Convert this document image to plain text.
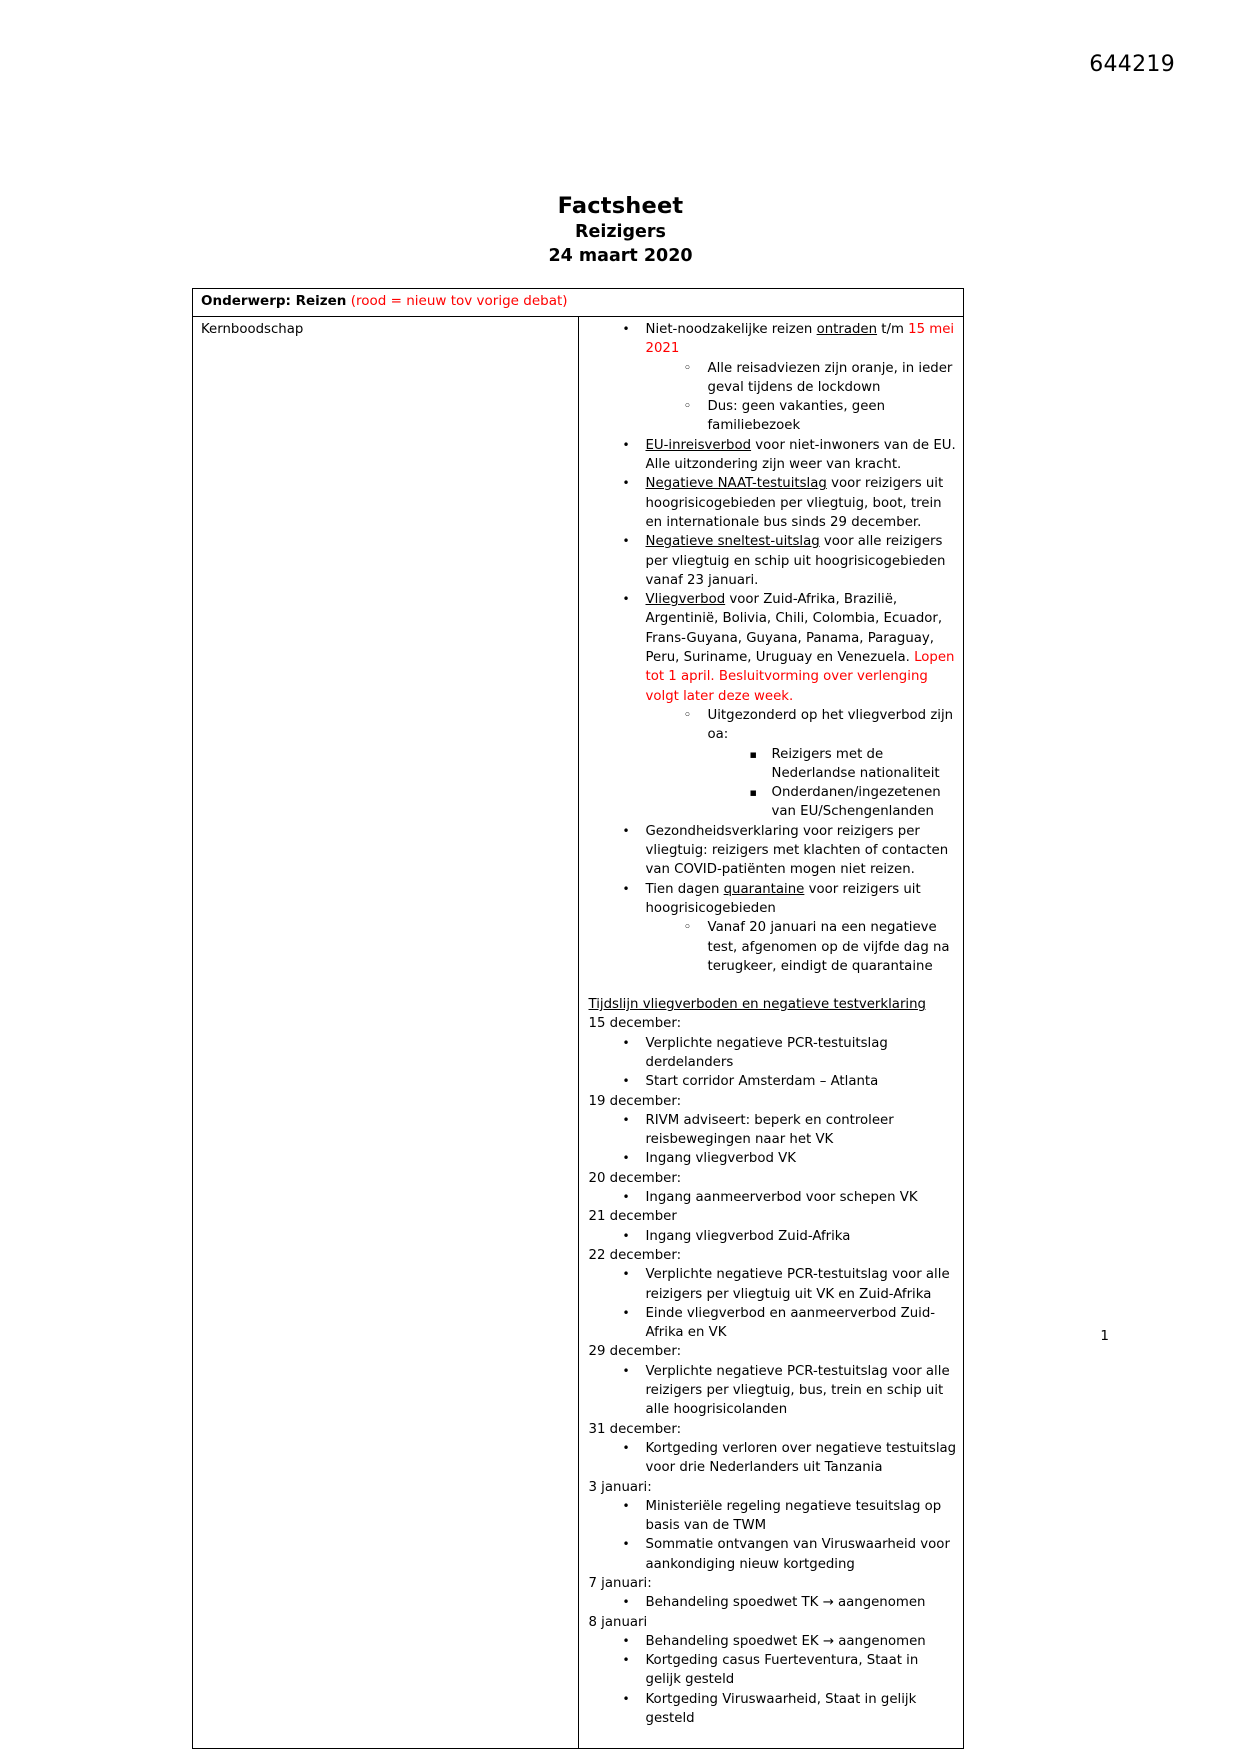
644219
Factsheet
Reizigers
24 maart 2020
Onderwerp: Reizen (rood = nieuw tov vorige debat)
Kernboodschap	
•Niet-noodzakelijke reizen ontraden t/m 15 mei 2021
◦ Alle reisadviezen zijn oranje, in ieder geval tijdens de lockdown
◦ Dus: geen vakanties, geen familiebezoek
• EU-inreisverbod voor niet-inwoners van de EU. Alle uitzondering zijn weer van kracht.
• Negatieve NAAT-testuitslag voor reizigers uit hoogrisicogebieden per vliegtuig, boot, trein en internationale bus sinds 29 december.
• Negatieve sneltest-uitslag voor alle reizigers per vliegtuig en schip uit hoogrisicogebieden vanaf 23 januari.
• Vliegverbod voor Zuid-Afrika, Brazilië, Argentinië, Bolivia, Chili, Colombia, Ecuador, Frans-Guyana, Guyana, Panama, Paraguay, Peru, Suriname, Uruguay en Venezuela. Lopen tot 1 april. Besluitvorming over verlenging volgt later deze week.
◦ Uitgezonderd op het vliegverbod zijn oa:
▪ Reizigers met de Nederlandse nationaliteit
▪ Onderdanen/ingezetenen van EU/Schengenlanden
• Gezondheidsverklaring voor reizigers per vliegtuig: reizigers met klachten of contacten van COVID-patiënten mogen niet reizen.
• Tien dagen quarantaine voor reizigers uit hoogrisicogebieden
◦ Vanaf 20 januari na een negatieve test, afgenomen op de vijfde dag na terugkeer, eindigt de quarantaine
Tijdslijn vliegverboden en negatieve testverklaring
15 december:
• Verplichte negatieve PCR-testuitslag derdelanders
• Start corridor Amsterdam – Atlanta
19 december:
• RIVM adviseert: beperk en controleer reisbewegingen naar het VK
• Ingang vliegverbod VK
20 december:
• Ingang aanmeerverbod voor schepen VK
21 december
• Ingang vliegverbod Zuid-Afrika
22 december:
• Verplichte negatieve PCR-testuitslag voor alle reizigers per vliegtuig uit VK en Zuid-Afrika
• Einde vliegverbod en aanmeerverbod Zuid-Afrika en VK
29 december:
• Verplichte negatieve PCR-testuitslag voor alle reizigers per vliegtuig, bus, trein en schip uit alle hoogrisicolanden
31 december:
• Kortgeding verloren over negatieve testuitslag voor drie Nederlanders uit Tanzania
3 januari:
• Ministeriële regeling negatieve tesuitslag op basis van de TWM
• Sommatie ontvangen van Viruswaarheid voor aankondiging nieuw kortgeding
7 januari:
• Behandeling spoedwet TK → aangenomen
8 januari
• Behandeling spoedwet EK → aangenomen
• Kortgeding casus Fuerteventura, Staat in gelijk gesteld
• Kortgeding Viruswaarheid, Staat in gelijk gesteld
1
